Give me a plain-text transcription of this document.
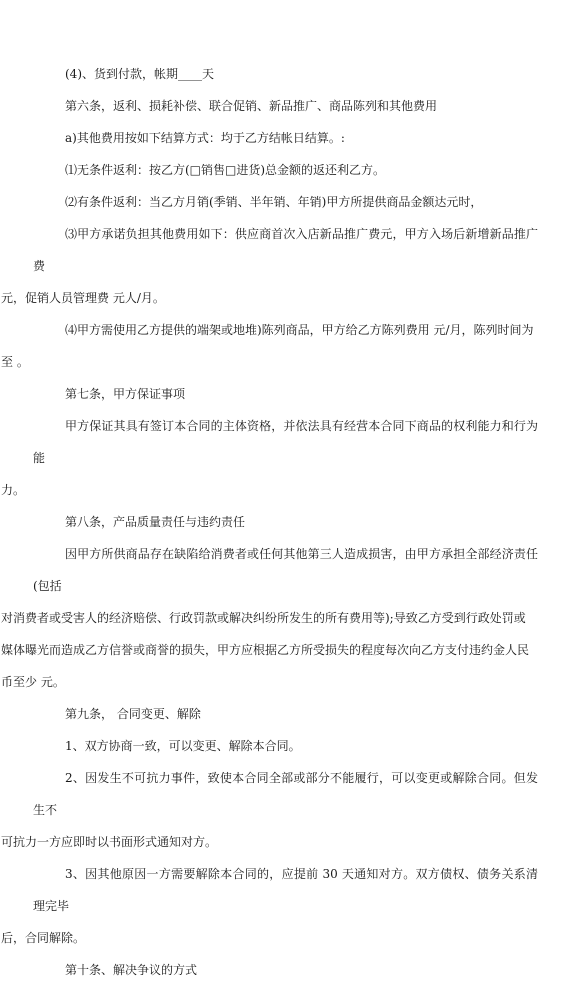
(4)、货到付款，帐期____天
第六条，返利、损耗补偿、联合促销、新品推广、商品陈列和其他费用
a)其他费用按如下结算方式：均于乙方结帐日结算。:
⑴无条件返利：按乙方(□销售□进货)总金额的返还利乙方。
⑵有条件返利：当乙方月销(季销、半年销、年销)甲方所提供商品金额达元时，
⑶甲方承诺负担其他费用如下：供应商首次入店新品推广费元，甲方入场后新增新品推广费
元，促销人员管理费 元人/月。
⑷甲方需使用乙方提供的端架或地堆)陈列商品，甲方给乙方陈列费用 元/月，陈列时间为
至 。
第七条，甲方保证事项
甲方保证其具有签订本合同的主体资格，并依法具有经营本合同下商品的权利能力和行为能
力。
第八条，产品质量责任与违约责任
因甲方所供商品存在缺陷给消费者或任何其他第三人造成损害，由甲方承担全部经济责任(包括
对消费者或受害人的经济赔偿、行政罚款或解决纠纷所发生的所有费用等);导致乙方受到行政处罚或
媒体曝光而造成乙方信誉或商誉的损失，甲方应根据乙方所受损失的程度每次向乙方支付违约金人民
币至少 元。
第九条， 合同变更、解除
1、双方协商一致，可以变更、解除本合同。
2、因发生不可抗力事件，致使本合同全部或部分不能履行，可以变更或解除合同。但发生不
可抗力一方应即时以书面形式通知对方。
3、因其他原因一方需要解除本合同的，应提前 30 天通知对方。双方债权、债务关系清理完毕
后，合同解除。
第十条、解决争议的方式
